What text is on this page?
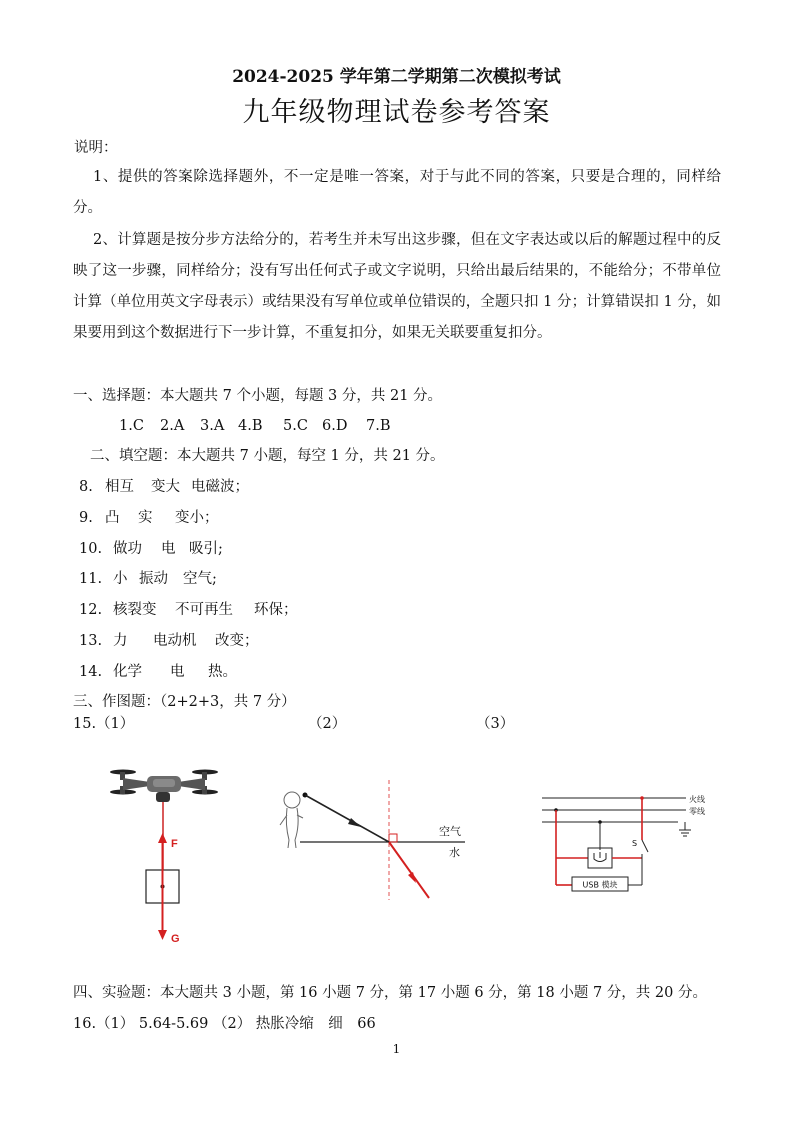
2024-2025 学年第二学期第二次模拟考试
九年级物理试卷参考答案
说明：
1、提供的答案除选择题外，不一定是唯一答案，对于与此不同的答案，只要是合理的，同样给分。
2、计算题是按分步方法给分的，若考生并未写出这步骤，但在文字表达或以后的解题过程中的反映了这一步骤，同样给分；没有写出任何式子或文字说明，只给出最后结果的，不能给分；不带单位计算（单位用英文字母表示）或结果没有写单位或单位错误的，全题只扣 1 分；计算错误扣 1 分，如果要用到这个数据进行下一步计算，不重复扣分，如果无关联要重复扣分。
一、选择题：本大题共 7 个小题，每题 3 分，共 21 分。
1.C 2.A 3.A 4.B 5.C 6.D 7.B
二、填空题：本大题共 7 小题，每空 1 分，共 21 分。
8. 相互 变大 电磁波；
9. 凸 实 变小；
10. 做功 电 吸引;
11. 小 振动 空气;
12. 核裂变 不可再生 环保；
13. 力 电动机 改变；
14. 化学 电 热。
三、作图题：（2+2+3，共 7 分）
15.（1）	（2）	（3）
F
G
空气
水
火线
零线
S
USB 模块
四、实验题：本大题共 3 小题，第 16 小题 7 分，第 17 小题 6 分，第 18 小题 7 分，共 20 分。
16.（1） 5.64-5.69 （2） 热胀冷缩　细　66
1
